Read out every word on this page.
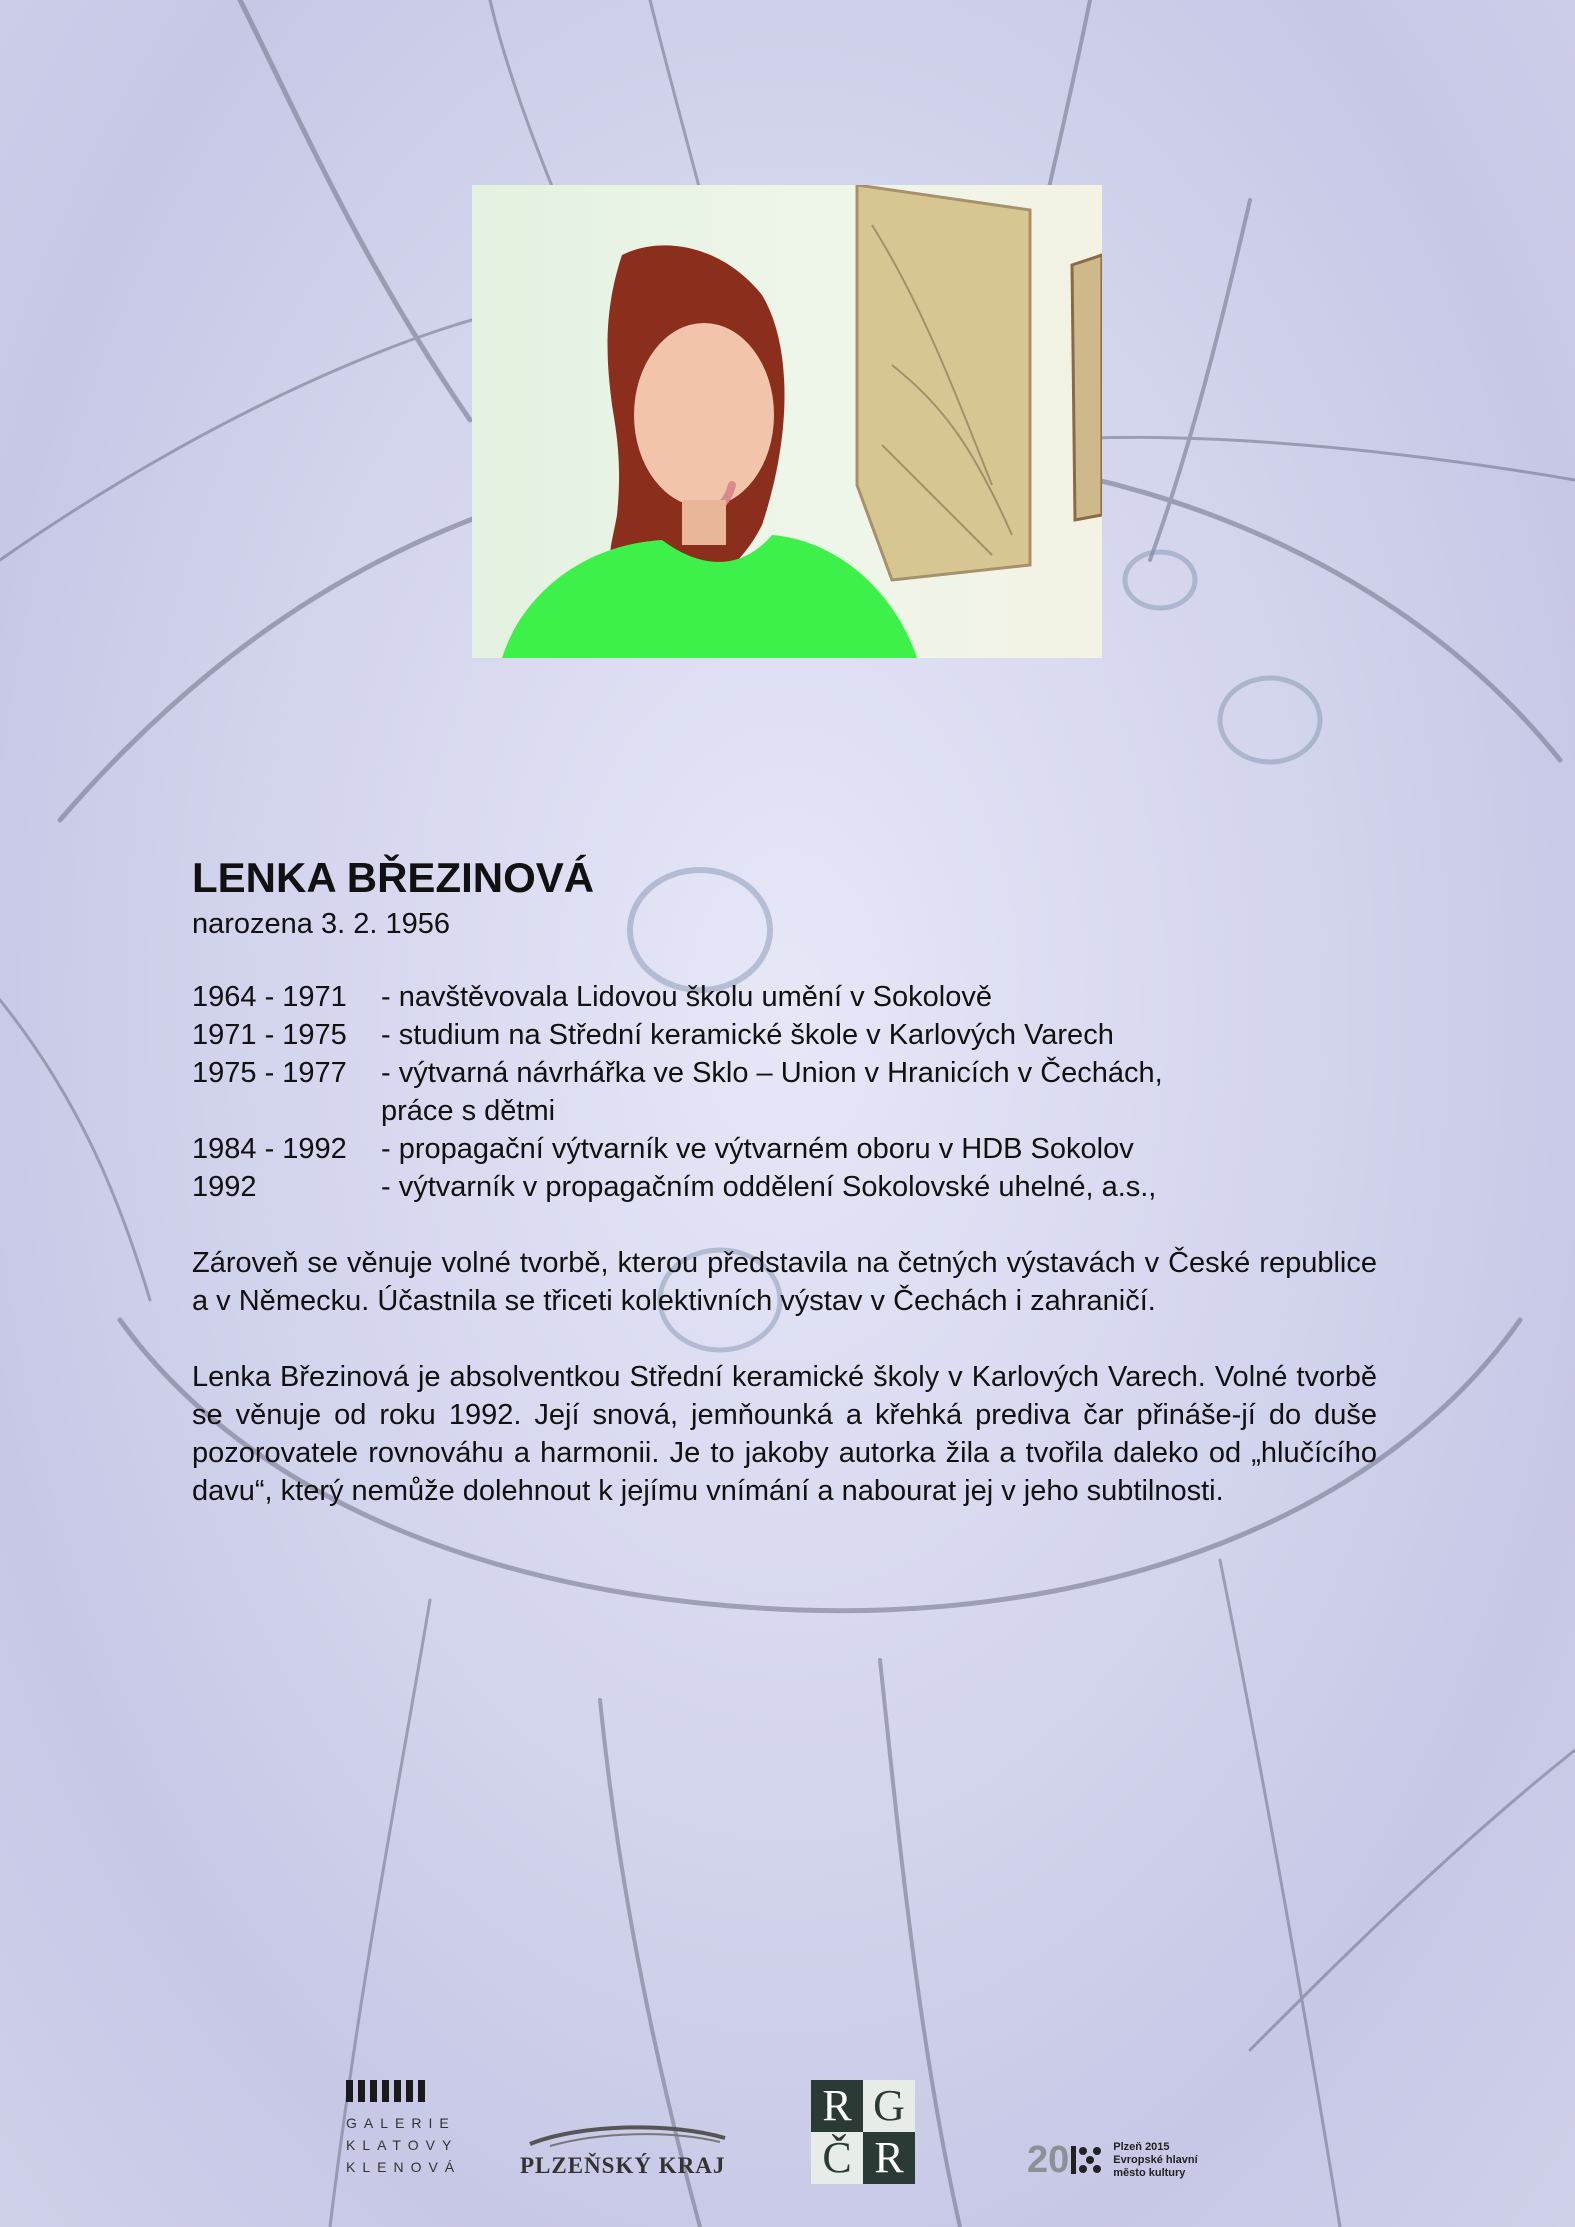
LENKA BŘEZINOVÁ

narozena 3. 2. 1956

1964 - 1971	- navštěvovala Lidovou školu umění v Sokolově
1971 - 1975	- studium na Střední keramické škole v Karlových Varech
1975 - 1977	- výtvarná návrhářka ve Sklo – Union v Hranicích v Čechách,
práce s dětmi
1984 - 1992	- propagační výtvarník ve výtvarném oboru v HDB Sokolov
1992	- výtvarník v propagačním oddělení Sokolovské uhelné, a.s.,

Zároveň se věnuje volné tvorbě, kterou představila na četných výstavách v České republice a v Německu. Účastnila se třiceti kolektivních výstav v Čechách i zahraničí.

Lenka Březinová je absolventkou Střední keramické školy v Karlových Varech. Volné tvorbě se věnuje od roku 1992. Její snová, jemňounká a křehká prediva čar přináše-jí do duše pozorovatele rovnováhu a harmonii. Je to jakoby autorka žila a tvořila daleko od „hlučícího davu“, který nemůže dolehnout k jejímu vnímání a nabourat jej v jeho subtilnosti.

GALERIE
KLATOVY
KLENOVÁ	PLZEŇSKÝ KRAJ
R G
Č R	20	Plzeň 2015
Evropské hlavní
město kultury
